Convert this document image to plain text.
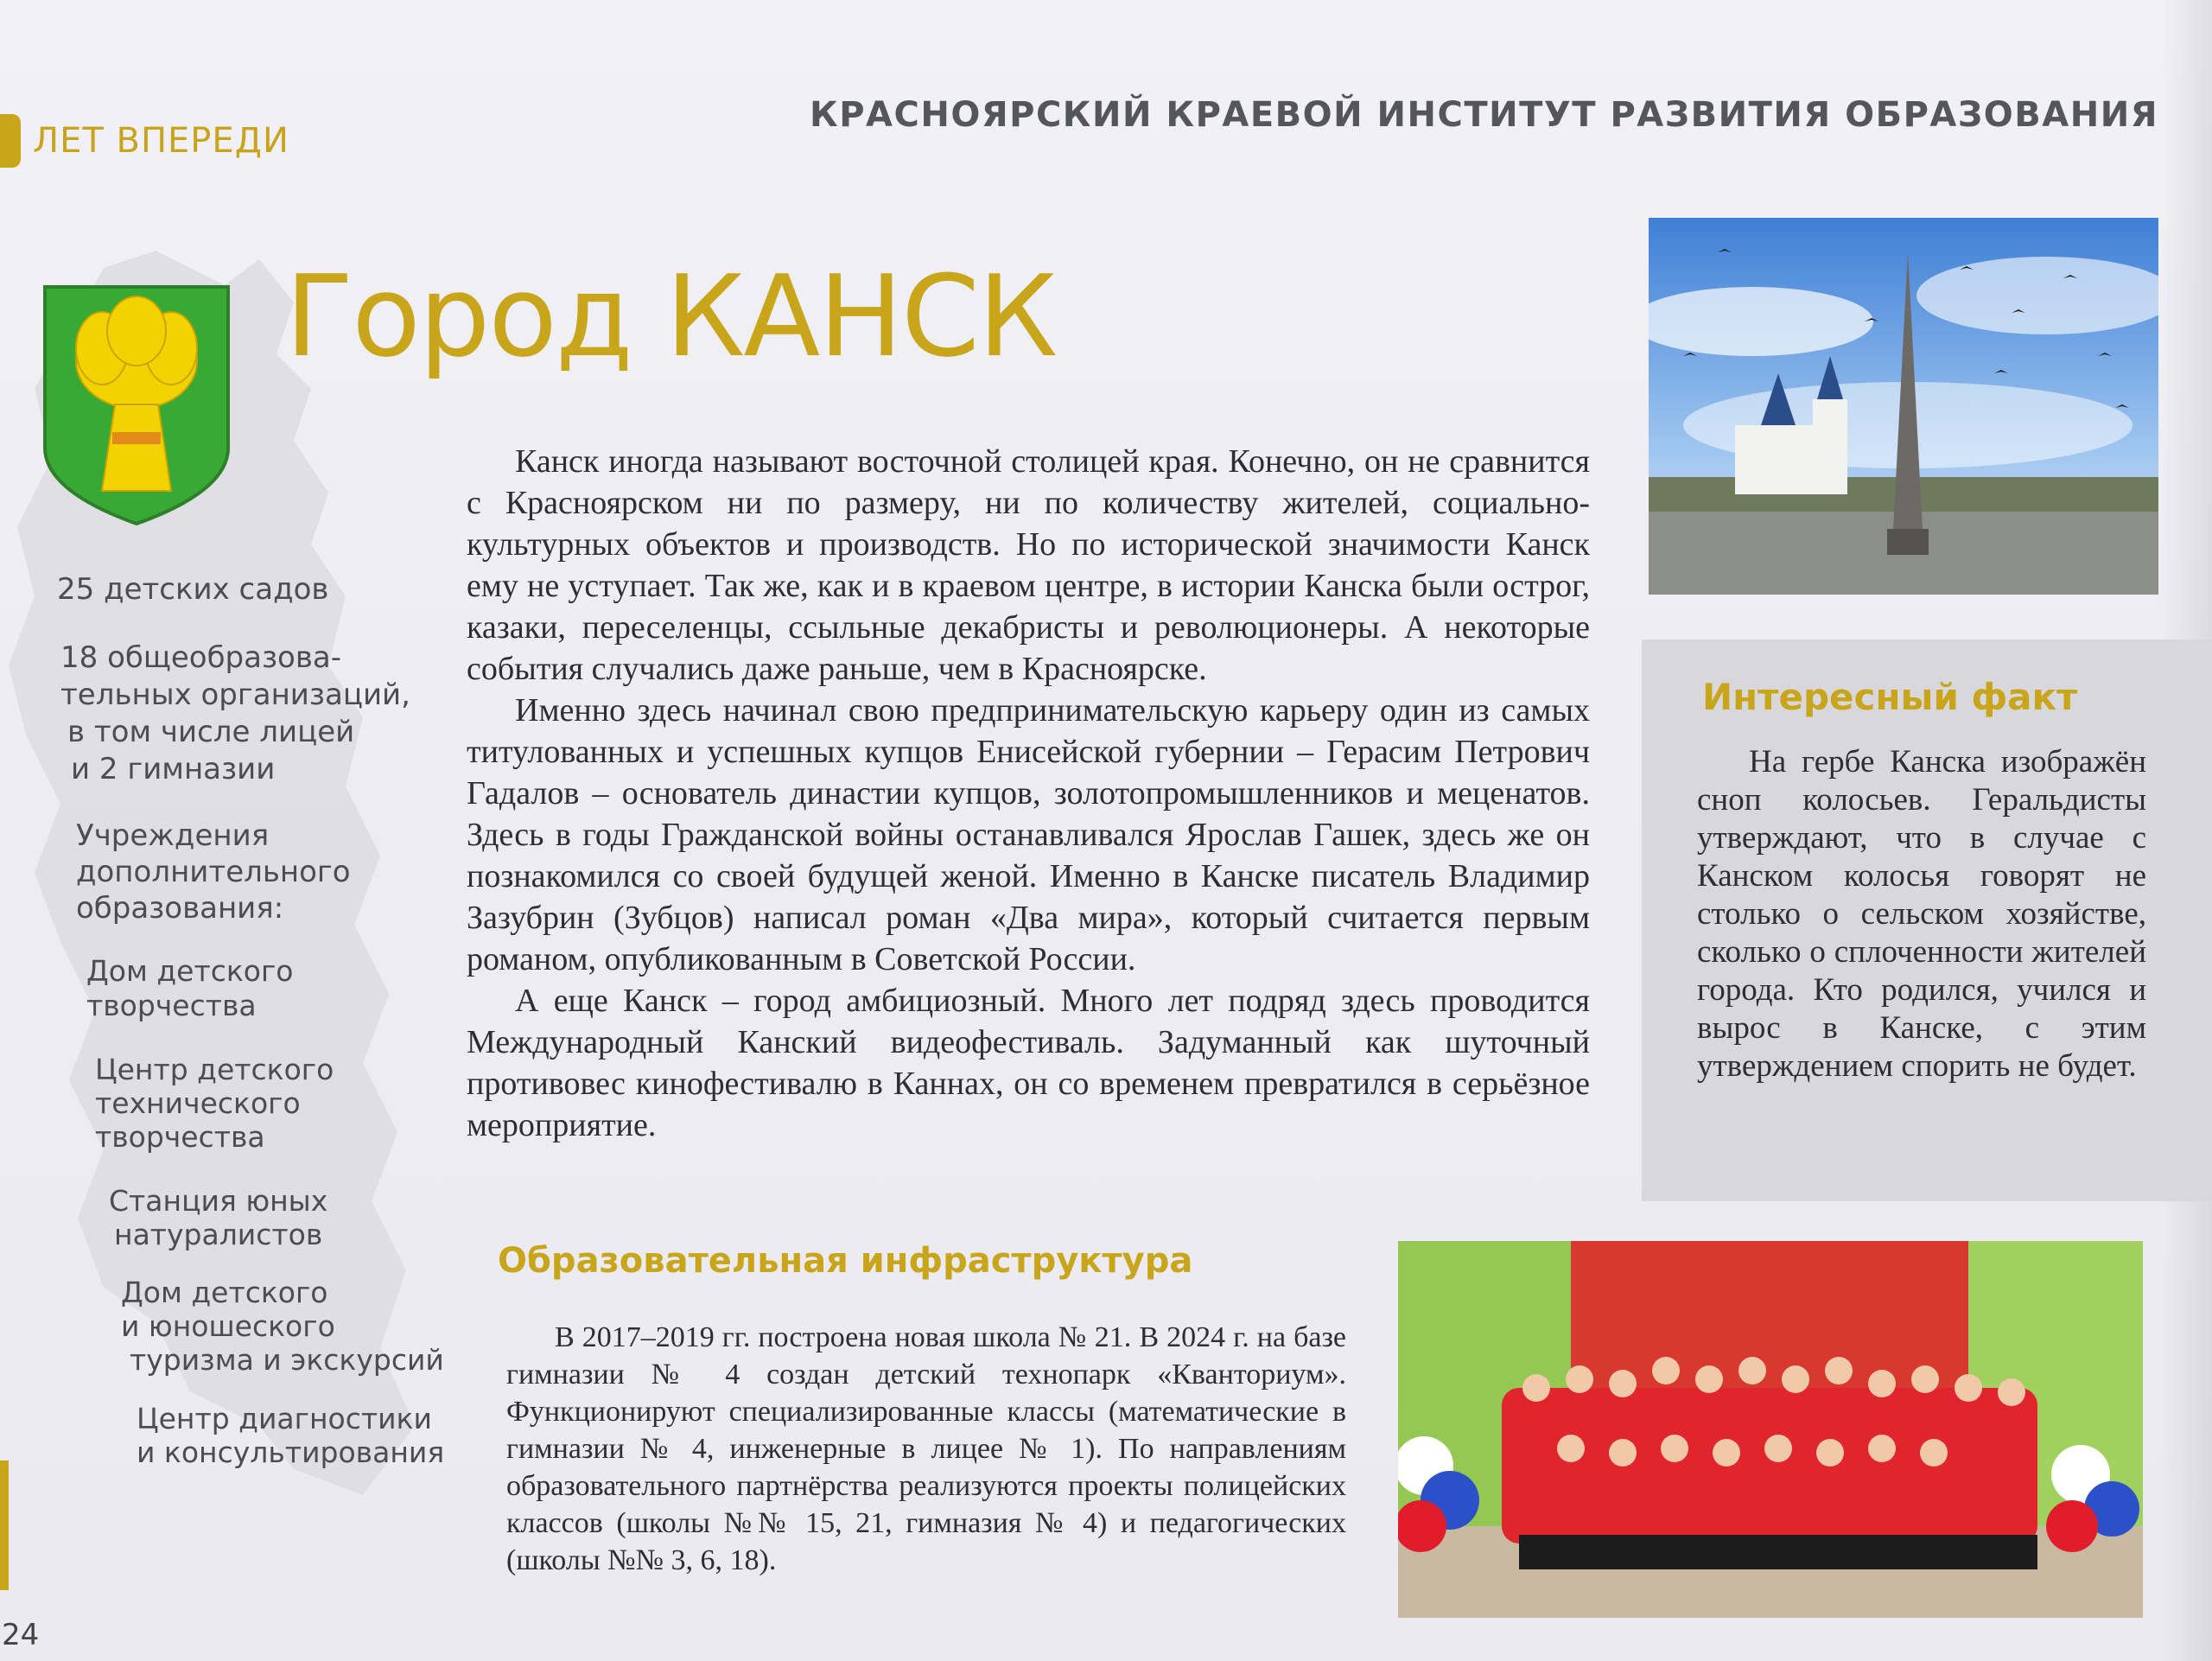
ЛЕТ ВПЕРЕДИ
КРАСНОЯРСКИЙ КРАЕВОЙ ИНСТИТУТ РАЗВИТИЯ ОБРАЗОВАНИЯ
Город КАНСК
25 детских садов
18 общеобразова-
тельных организаций,
в том числе лицей
и 2 гимназии
Учреждения
дополнительного
образования:
Дом детского
творчества
Центр детского
технического
творчества
Станция юных
натуралистов
Дом детского
и юношеского
туризма и экскурсий
Центр диагностики
и консультирования

Канск иногда называют восточной столицей края. Конечно, он не сравнится с Красноярском ни по размеру, ни по количеству жителей, социально-культурных объектов и производств. Но по исторической значимости Канск ему не уступает. Так же, как и в краевом центре, в истории Канска были острог, казаки, переселенцы, ссыльные декабристы и революционеры. А некоторые события случались даже раньше, чем в Красноярске.

Именно здесь начинал свою предпринимательскую карьеру один из самых титулованных и успешных купцов Енисейской губернии – Герасим Петрович Гадалов – основатель династии купцов, золотопромышленников и меценатов. Здесь в годы Гражданской войны останавливался Ярослав Гашек, здесь же он познакомился со своей будущей женой. Именно в Канске писатель Владимир Зазубрин (Зубцов) написал роман «Два мира», который считается первым романом, опубликованным в Советской России.

А еще Канск – город амбициозный. Много лет подряд здесь проводится Международный Канский видеофестиваль. Задуманный как шуточный противовес кинофестивалю в Каннах, он со временем превратился в серьёзное мероприятие.

Интересный факт

На гербе Канска изображён сноп колосьев. Геральдисты утверждают, что в случае с Канском колосья говорят не столько о сельском хозяйстве, сколько о сплоченности жителей города. Кто родился, учился и вырос в Канске, с этим утверждением спорить не будет.

Образовательная инфраструктура

В 2017–2019 гг. построена новая школа № 21. В 2024 г. на базе гимназии № 4 создан детский технопарк «Кванториум». Функционируют специализированные классы (математические в гимназии № 4, инженерные в лицее № 1). По направлениям образовательного партнёрства реализуются проекты полицейских классов (школы №№ 15, 21, гимназия № 4) и педагогических (школы №№ 3, 6, 18).

24
